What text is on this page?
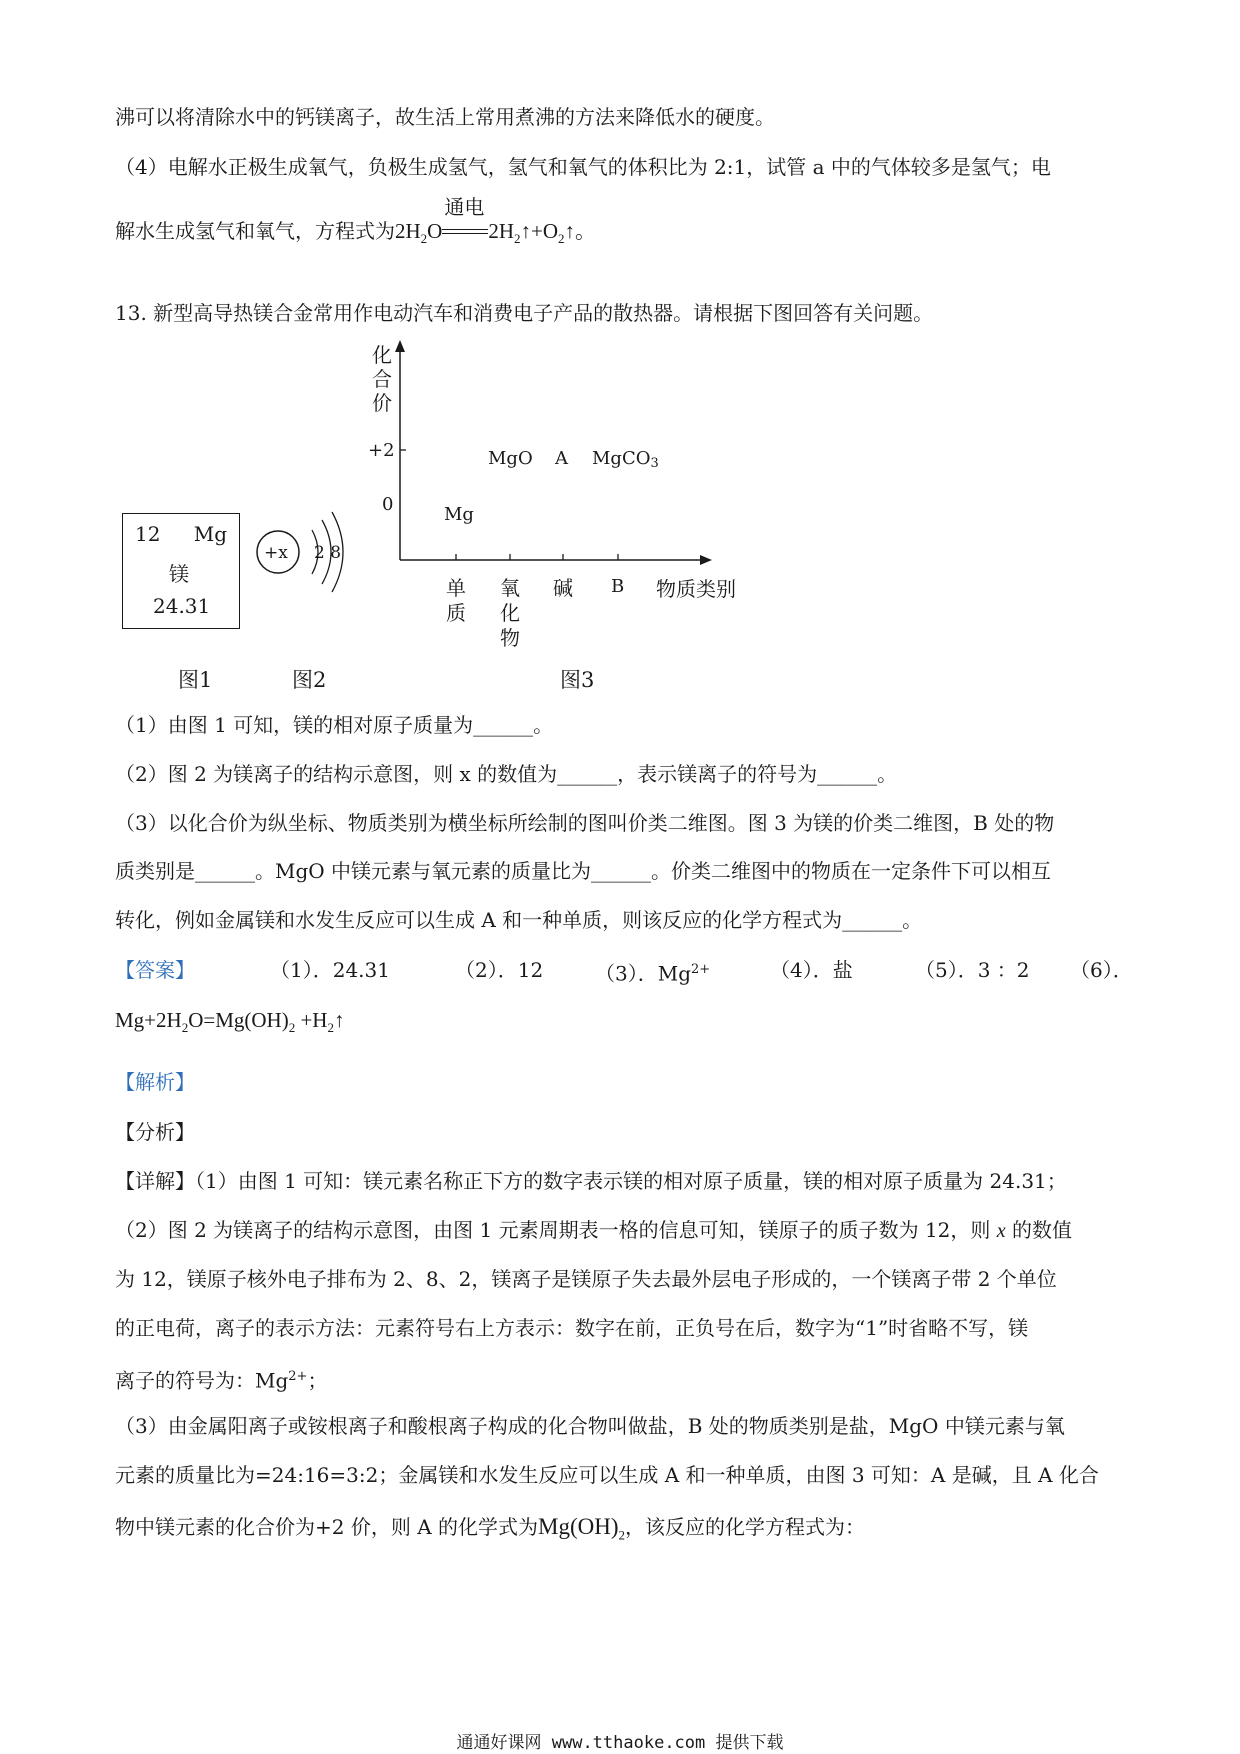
沸可以将清除水中的钙镁离子，故生活上常用煮沸的方法来降低水的硬度。
（4）电解水正极生成氧气，负极生成氢气，氢气和氧气的体积比为 2:1，试管 a 中的气体较多是氢气；电
解水生成氢气和氧气，方程式为$2H_2O$
通电
$2H_2↑+O_2↑$。
13. 新型高导热镁合金常用作电动汽车和消费电子产品的散热器。请根据下图回答有关问题。
12 Mg
镁
24.31
图1
+x 2 8
图2
化
合
价
+2
0
单
质
氧
化
物
碱 B 物质类别
Mg
MgO A MgCO3
图3
（1）由图 1 可知，镁的相对原子质量为______。
（2）图 2 为镁离子的结构示意图，则 x 的数值为______，表示镁离子的符号为______。
（3）以化合价为纵坐标、物质类别为横坐标所绘制的图叫价类二维图。图 3 为镁的价类二维图，B 处的物
质类别是______。MgO 中镁元素与氧元素的质量比为______。价类二维图中的物质在一定条件下可以相互
转化，例如金属镁和水发生反应可以生成 A 和一种单质，则该反应的化学方程式为______。
【答案】	（1）．24.31	（2）．12	（3）．$Mg^{2+}$	（4）．盐	（5）．3 ：2 （6）．
$Mg+2H_2O=Mg(OH)_2$ $+H_2↑$
【解析】
【分析】
【详解】（1）由图 1 可知：镁元素名称正下方的数字表示镁的相对原子质量，镁的相对原子质量为 24.31；
（2）图 2 为镁离子的结构示意图，由图 1 元素周期表一格的信息可知，镁原子的质子数为 12，则 x 的数值
为 12，镁原子核外电子排布为 2、8、2，镁离子是镁原子失去最外层电子形成的，一个镁离子带 2 个单位
的正电荷，离子的表示方法：元素符号右上方表示：数字在前，正负号在后，数字为“1”时省略不写，镁
离子的符号为：$Mg^{2+}$；
（3）由金属阳离子或铵根离子和酸根离子构成的化合物叫做盐，B 处的物质类别是盐，MgO 中镁元素与氧
元素的质量比为=24:16=3:2；金属镁和水发生反应可以生成 A 和一种单质，由图 3 可知：A 是碱，且 A 化合
物中镁元素的化合价为+2 价，则 A 的化学式为$Mg(OH)_2$，该反应的化学方程式为：
通通好课网 www.tthaoke.com 提供下载
